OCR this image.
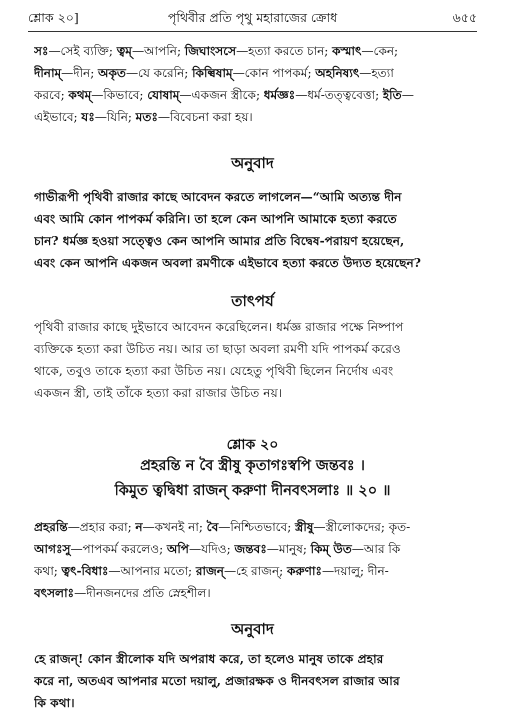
পৃথিবীর প্রতি পৃথু মহারাজের ক্রোধ
শ্লোক ২০]	৬৫৫
সঃ—সেই ব্যক্তি; ত্বম্—আপনি; জিঘাংসসে—হত্যা করতে চান; কস্মাৎ—কেন;
দীনাম্—দীন; অকৃত—যে করেনি; কিল্বিষাম্—কোন পাপকর্ম; অহনিষ্যৎ—হত্যা
করবে; কথম্—কিভাবে; যোষাম্—একজন স্ত্রীকে; ধর্মজ্ঞঃ—ধর্ম-তত্ত্ববেত্তা; ইতি—
এইভাবে; যঃ—যিনি; মতঃ—বিবেচনা করা হয়।
অনুবাদ
গাভীরূপী পৃথিবী রাজার কাছে আবেদন করতে লাগলেন—“আমি অত্যন্ত দীন
এবং আমি কোন পাপকর্ম করিনি। তা হলে কেন আপনি আমাকে হত্যা করতে
চান? ধর্মজ্ঞ হওয়া সত্ত্বেও কেন আপনি আমার প্রতি বিদ্বেষ-পরায়ণ হয়েছেন,
এবং কেন আপনি একজন অবলা রমণীকে এইভাবে হত্যা করতে উদ্যত হয়েছেন?
তাৎপর্য
পৃথিবী রাজার কাছে দুইভাবে আবেদন করেছিলেন। ধর্মজ্ঞ রাজার পক্ষে নিষ্পাপ
ব্যক্তিকে হত্যা করা উচিত নয়। আর তা ছাড়া অবলা রমণী যদি পাপকর্ম করেও
থাকে, তবুও তাকে হত্যা করা উচিত নয়। যেহেতু পৃথিবী ছিলেন নির্দোষ এবং
একজন স্ত্রী, তাই তাঁকে হত্যা করা রাজার উচিত নয়।
শ্লোক ২০
প্রহরন্তি ন বৈ স্ত্রীষু কৃতাগঃস্বপি জন্তবঃ ।
কিমুত ত্বদ্বিধা রাজন্ করুণা দীনবৎসলাঃ ॥ ২০ ॥
প্রহরন্তি—প্রহার করা; ন—কখনই না; বৈ—নিশ্চিতভাবে; স্ত্রীষু—স্ত্রীলোকদের; কৃত-
আগঃসু—পাপকর্ম করলেও; অপি—যদিও; জন্তবঃ—মানুষ; কিম্ উত—আর কি
কথা; ত্বৎ-বিধাঃ—আপনার মতো; রাজন্—হে রাজন্; করুণাঃ—দয়ালু; দীন-
বৎসলাঃ—দীনজনদের প্রতি স্নেহশীল।
অনুবাদ
হে রাজন্! কোন স্ত্রীলোক যদি অপরাধ করে, তা হলেও মানুষ তাকে প্রহার
করে না, অতএব আপনার মতো দয়ালু, প্রজারক্ষক ও দীনবৎসল রাজার আর
কি কথা।
